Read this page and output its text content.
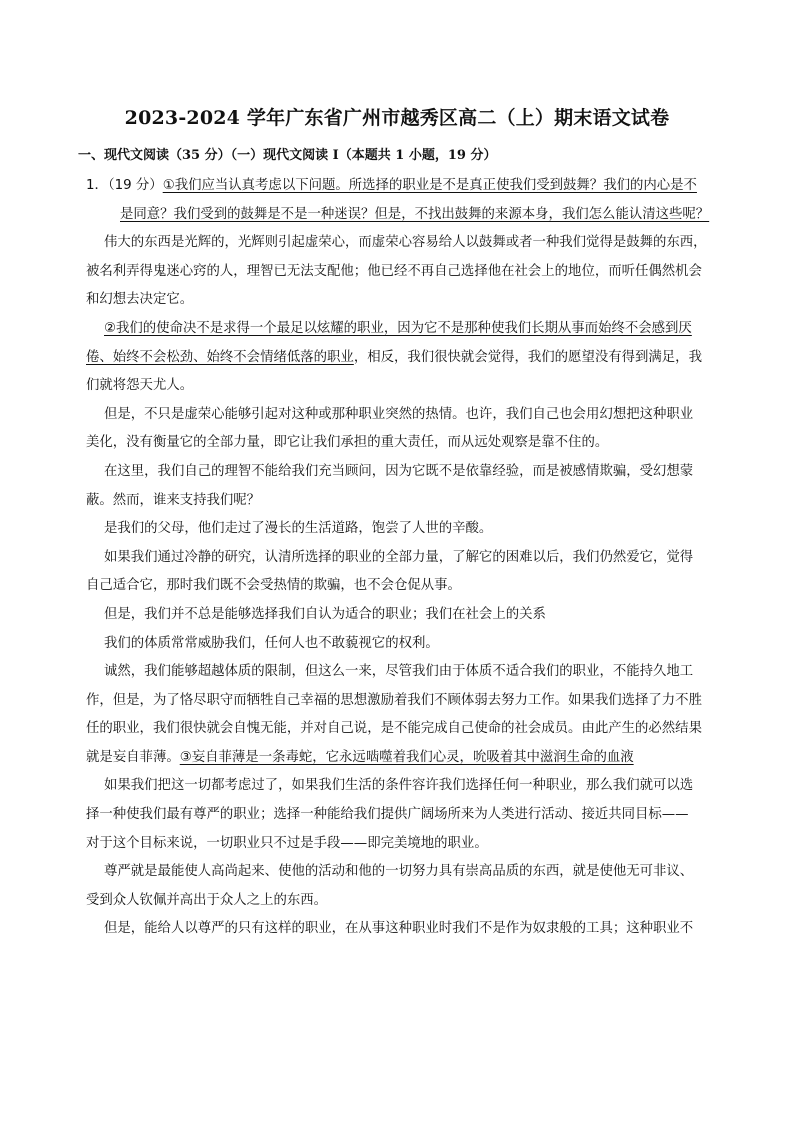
2023-2024 学年广东省广州市越秀区高二（上）期末语文试卷

一、现代文阅读（35 分）（一）现代文阅读 I（本题共 1 小题，19 分）

1．（19 分）①我们应当认真考虑以下问题。所选择的职业是不是真正使我们受到鼓舞？我们的内心是不

是同意？我们受到的鼓舞是不是一种迷误？但是，不找出鼓舞的来源本身，我们怎么能认清这些呢？

伟大的东西是光辉的，光辉则引起虚荣心，而虚荣心容易给人以鼓舞或者一种我们觉得是鼓舞的东西，

被名利弄得鬼迷心窍的人，理智已无法支配他；他已经不再自己选择他在社会上的地位，而听任偶然机会

和幻想去决定它。

②我们的使命决不是求得一个最足以炫耀的职业，因为它不是那种使我们长期从事而始终不会感到厌

倦、始终不会松劲、始终不会情绪低落的职业，相反，我们很快就会觉得，我们的愿望没有得到满足，我

们就将怨天尤人。

但是，不只是虚荣心能够引起对这种或那种职业突然的热情。也许，我们自己也会用幻想把这种职业

美化，没有衡量它的全部力量，即它让我们承担的重大责任，而从远处观察是靠不住的。

在这里，我们自己的理智不能给我们充当顾问，因为它既不是依靠经验，而是被感情欺骗，受幻想蒙

蔽。然而，谁来支持我们呢？

是我们的父母，他们走过了漫长的生活道路，饱尝了人世的辛酸。

如果我们通过冷静的研究，认清所选择的职业的全部力量，了解它的困难以后，我们仍然爱它，觉得

自己适合它，那时我们既不会受热情的欺骗，也不会仓促从事。

但是，我们并不总是能够选择我们自认为适合的职业；我们在社会上的关系

我们的体质常常威胁我们，任何人也不敢藐视它的权利。

诚然，我们能够超越体质的限制，但这么一来，尽管我们由于体质不适合我们的职业，不能持久地工

作，但是，为了恪尽职守而牺牲自己幸福的思想激励着我们不顾体弱去努力工作。如果我们选择了力不胜

任的职业，我们很快就会自愧无能，并对自己说，是不能完成自己使命的社会成员。由此产生的必然结果

就是妄自菲薄。③妄自菲薄是一条毒蛇，它永远啮噬着我们心灵，吮吸着其中滋润生命的血液

如果我们把这一切都考虑过了，如果我们生活的条件容许我们选择任何一种职业，那么我们就可以选

择一种使我们最有尊严的职业；选择一种能给我们提供广阔场所来为人类进行活动、接近共同目标——

对于这个目标来说，一切职业只不过是手段——即完美境地的职业。

尊严就是最能使人高尚起来、使他的活动和他的一切努力具有崇高品质的东西，就是使他无可非议、

受到众人钦佩并高出于众人之上的东西。

但是，能给人以尊严的只有这样的职业，在从事这种职业时我们不是作为奴隶般的工具；这种职业不
